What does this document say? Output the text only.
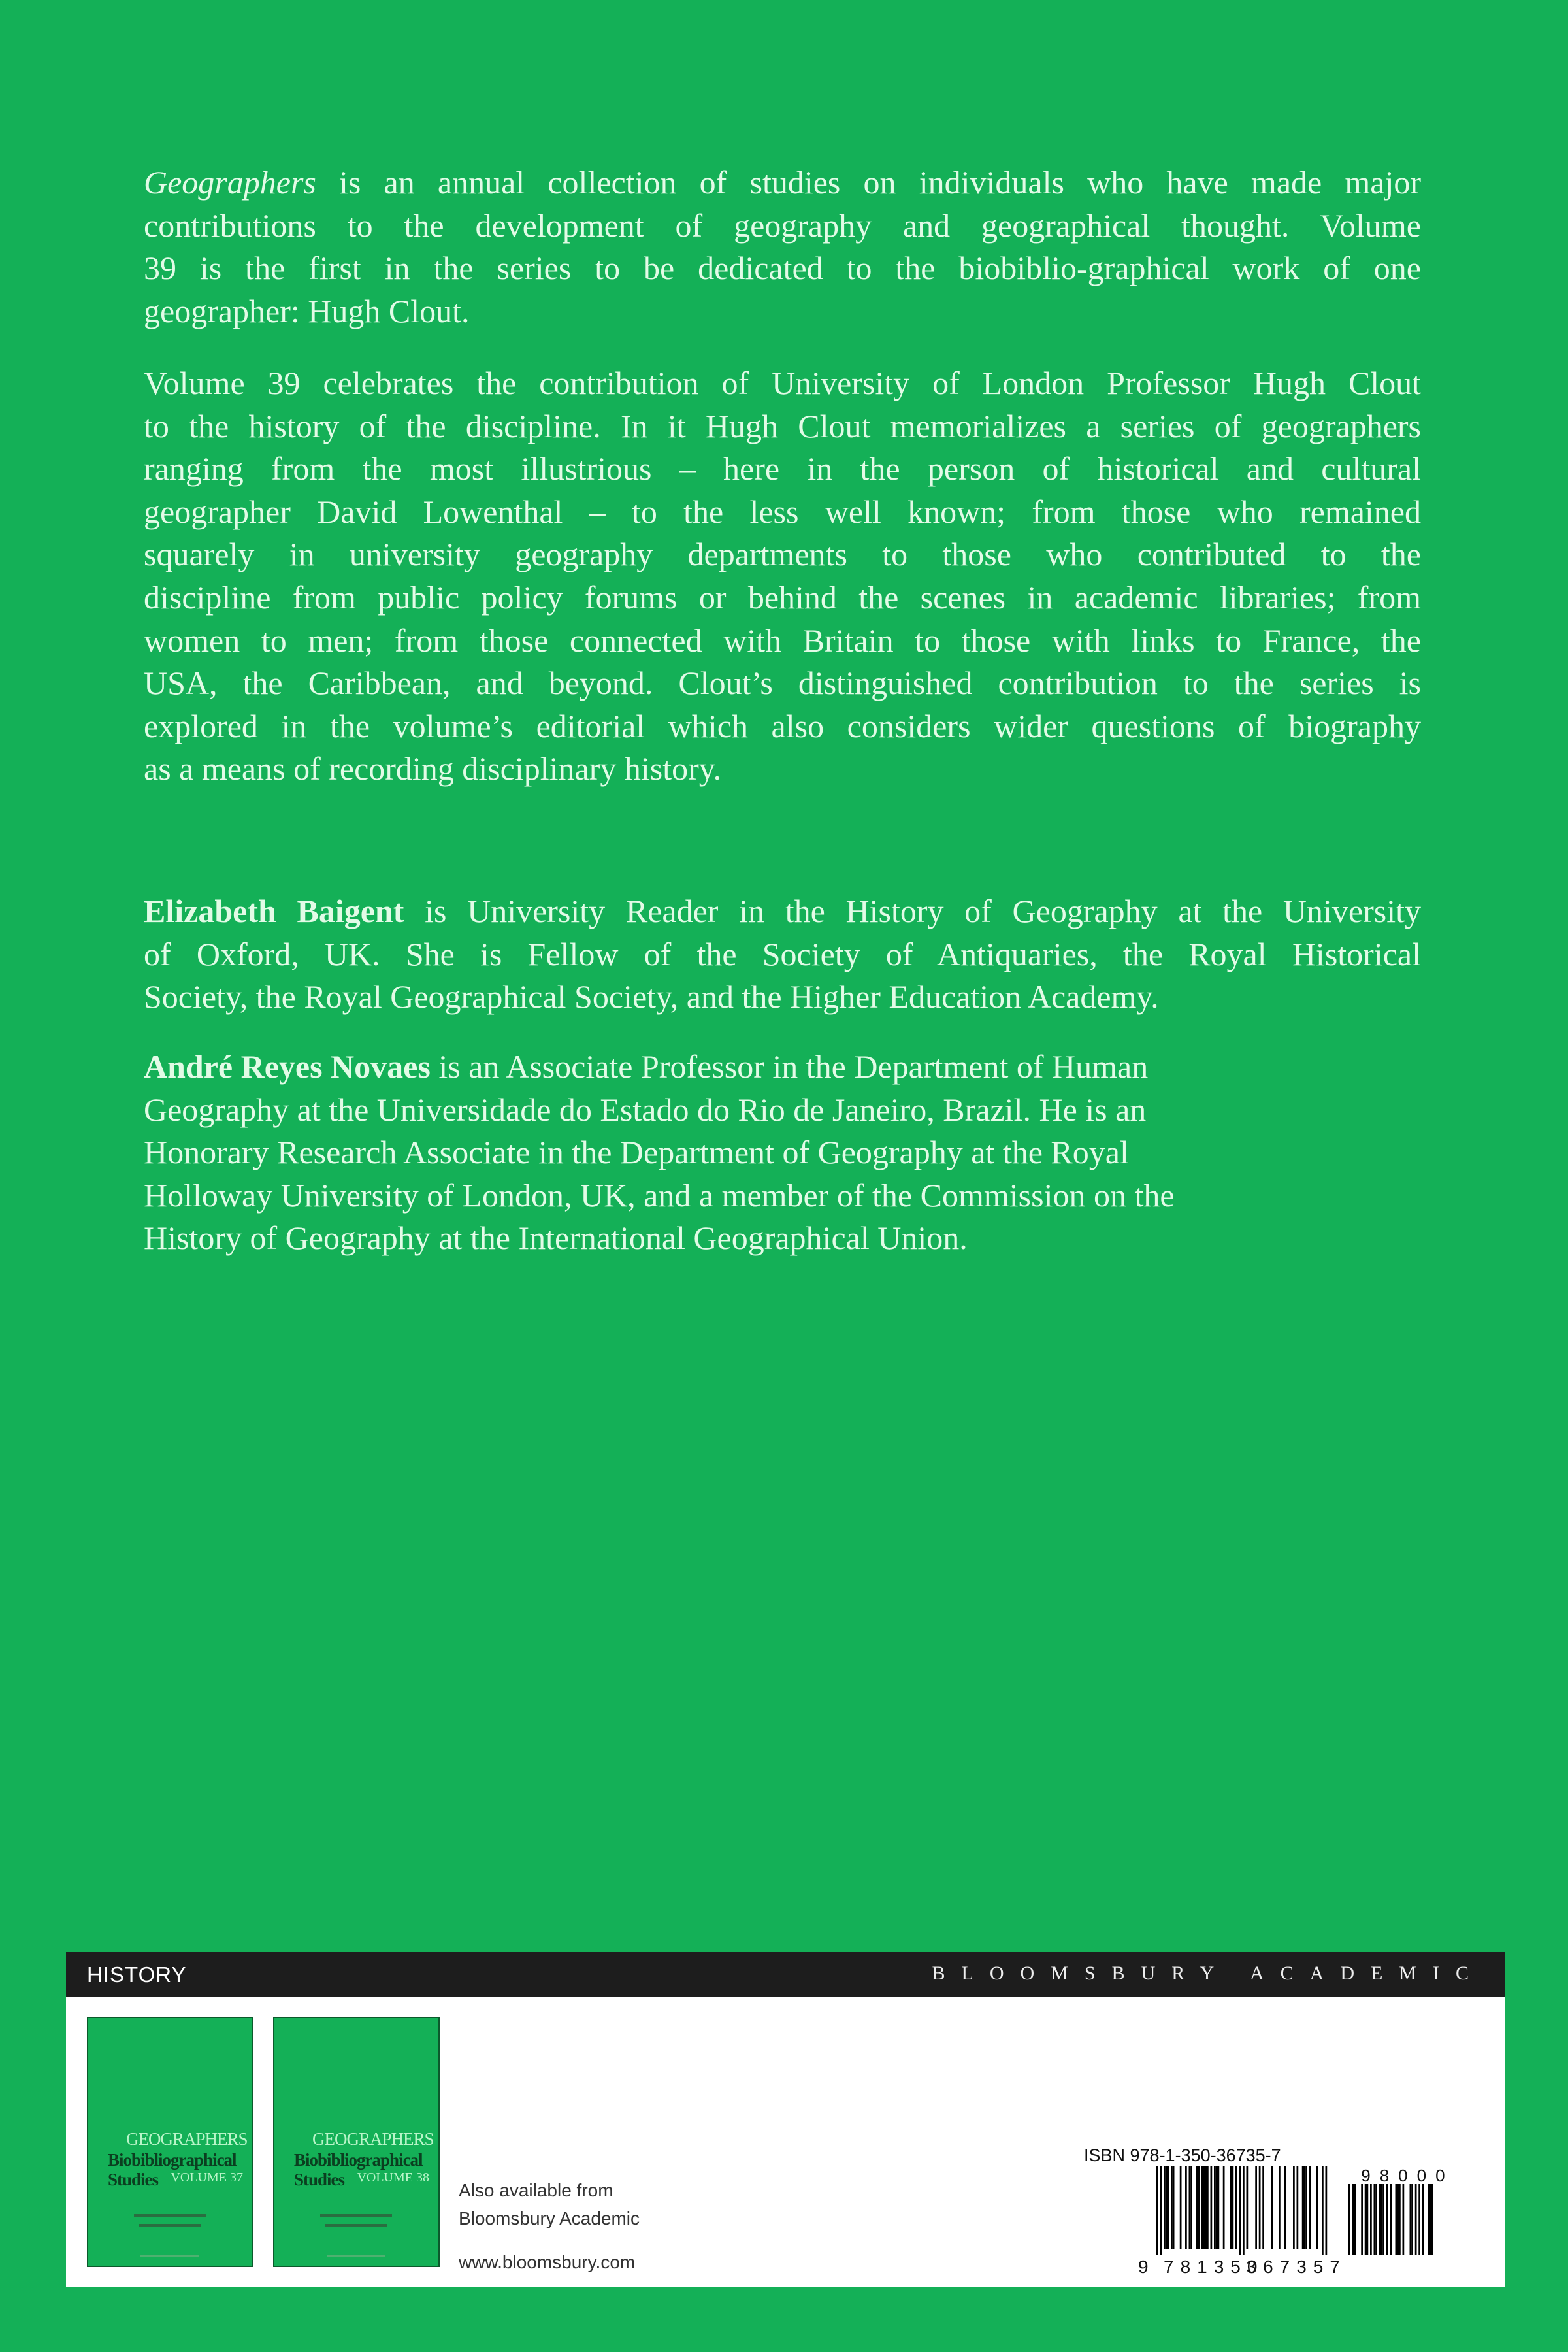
Geographers is an annual collection of studies on individuals who have made major
contributions to the development of geography and geographical thought. Volume
39 is the first in the series to be dedicated to the biobiblio-graphical work of one
geographer: Hugh Clout.
Volume 39 celebrates the contribution of University of London Professor Hugh Clout
to the history of the discipline. In it Hugh Clout memorializes a series of geographers
ranging from the most illustrious – here in the person of historical and cultural
geographer David Lowenthal – to the less well known; from those who remained
squarely in university geography departments to those who contributed to the
discipline from public policy forums or behind the scenes in academic libraries; from
women to men; from those connected with Britain to those with links to France, the
USA, the Caribbean, and beyond. Clout’s distinguished contribution to the series is
explored in the volume’s editorial which also considers wider questions of biography
as a means of recording disciplinary history.
Elizabeth Baigent is University Reader in the History of Geography at the University
of Oxford, UK. She is Fellow of the Society of Antiquaries, the Royal Historical
Society, the Royal Geographical Society, and the Higher Education Academy.
André Reyes Novaes is an Associate Professor in the Department of Human
Geography at the Universidade do Estado do Rio de Janeiro, Brazil. He is an
Honorary Research Associate in the Department of Geography at the Royal
Holloway University of London, UK, and a member of the Commission on the
History of Geography at the International Geographical Union.
HISTORY	BLOOMSBURY ACADEMIC
GEOGRAPHERS
Biobibliographical
Studies VOLUME 37
GEOGRAPHERS
Biobibliographical
Studies VOLUME 38
Also available from
Bloomsbury Academic
www.bloomsbury.com
ISBN 978-1-350-36735-7
9 781350
367357
98000
